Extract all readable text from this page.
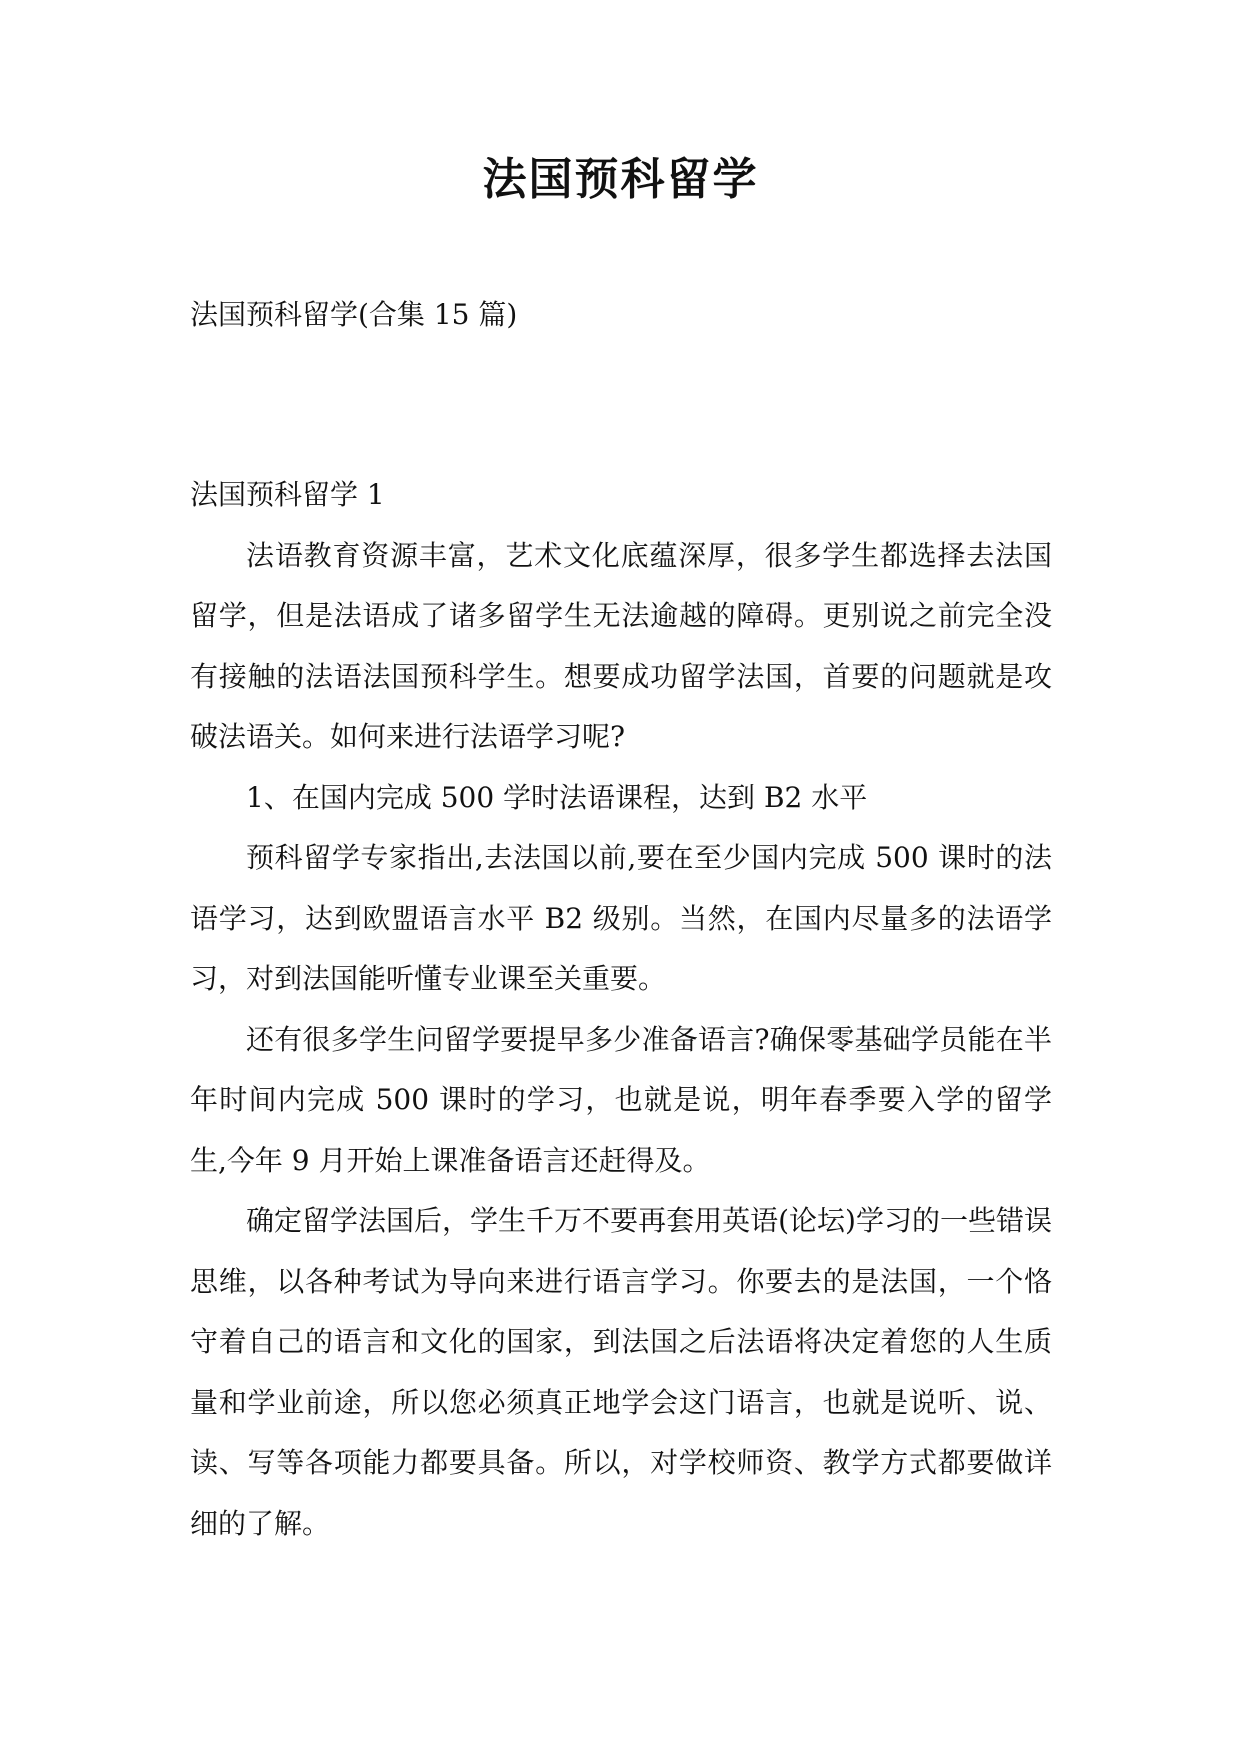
法国预科留学

法国预科留学(合集 15 篇)

法国预科留学 1

法语教育资源丰富，艺术文化底蕴深厚，很多学生都选择去法国留学，但是法语成了诸多留学生无法逾越的障碍。更别说之前完全没有接触的法语法国预科学生。想要成功留学法国，首要的问题就是攻破法语关。如何来进行法语学习呢?

1、在国内完成 500 学时法语课程，达到 B2 水平

预科留学专家指出,去法国以前,要在至少国内完成 500 课时的法语学习，达到欧盟语言水平 B2 级别。当然，在国内尽量多的法语学习，对到法国能听懂专业课至关重要。

还有很多学生问留学要提早多少准备语言?确保零基础学员能在半年时间内完成 500 课时的学习，也就是说，明年春季要入学的留学生,今年 9 月开始上课准备语言还赶得及。

确定留学法国后，学生千万不要再套用英语(论坛)学习的一些错误思维，以各种考试为导向来进行语言学习。你要去的是法国，一个恪守着自己的语言和文化的国家，到法国之后法语将决定着您的人生质量和学业前途，所以您必须真正地学会这门语言，也就是说听、说、读、写等各项能力都要具备。所以，对学校师资、教学方式都要做详细的了解。
